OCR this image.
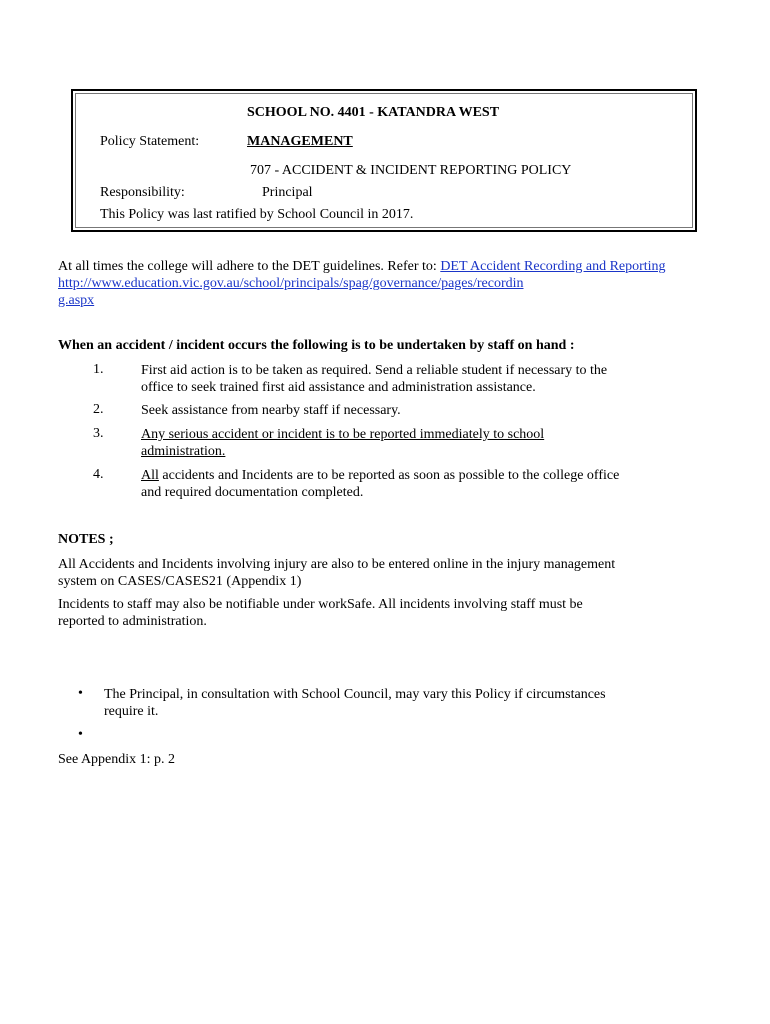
SCHOOL NO. 4401 - KATANDRA WEST
Policy Statement:	MANAGEMENT
707 - ACCIDENT & INCIDENT REPORTING POLICY
Responsibility:	Principal
This Policy was last ratified by School Council in 2017.
At all times the college will adhere to the DET guidelines. Refer to: DET Accident Recording and Reporting
http://www.education.vic.gov.au/school/principals/spag/governance/pages/recordin
g.aspx
When an accident / incident occurs the following is to be undertaken by staff on hand :
1.	First aid action is to be taken as required. Send a reliable student if necessary to the
office to seek trained first aid assistance and administration assistance.
2.	Seek assistance from nearby staff if necessary.
3.	Any serious accident or incident is to be reported immediately to school
administration.
4.	All accidents and Incidents are to be reported as soon as possible to the college office
and required documentation completed.
NOTES ;
All Accidents and Incidents involving injury are also to be entered online in the injury management
system on CASES/CASES21 (Appendix 1)
Incidents to staff may also be notifiable under workSafe. All incidents involving staff must be
reported to administration.
• The Principal, in consultation with School Council, may vary this Policy if circumstances
require it.
•
See Appendix 1: p. 2
